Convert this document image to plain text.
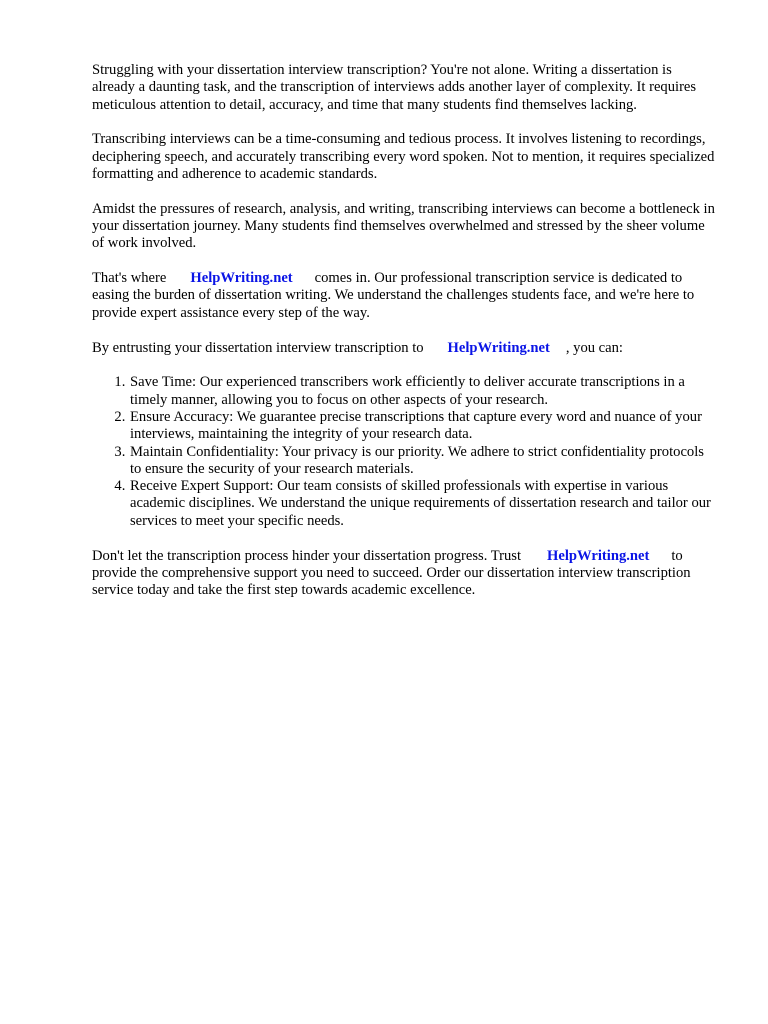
Struggling with your dissertation interview transcription? You're not alone. Writing a dissertation is already a daunting task, and the transcription of interviews adds another layer of complexity. It requires meticulous attention to detail, accuracy, and time that many students find themselves lacking.

Transcribing interviews can be a time-consuming and tedious process. It involves listening to recordings, deciphering speech, and accurately transcribing every word spoken. Not to mention, it requires specialized formatting and adherence to academic standards.

Amidst the pressures of research, analysis, and writing, transcribing interviews can become a bottleneck in your dissertation journey. Many students find themselves overwhelmed and stressed by the sheer volume of work involved.

That's where HelpWriting.net comes in. Our professional transcription service is dedicated to easing the burden of dissertation writing. We understand the challenges students face, and we're here to provide expert assistance every step of the way.

By entrusting your dissertation interview transcription to HelpWriting.net , you can:

1. Save Time: Our experienced transcribers work efficiently to deliver accurate transcriptions in a timely manner, allowing you to focus on other aspects of your research.
2. Ensure Accuracy: We guarantee precise transcriptions that capture every word and nuance of your interviews, maintaining the integrity of your research data.
3. Maintain Confidentiality: Your privacy is our priority. We adhere to strict confidentiality protocols to ensure the security of your research materials.
4. Receive Expert Support: Our team consists of skilled professionals with expertise in various academic disciplines. We understand the unique requirements of dissertation research and tailor our services to meet your specific needs.

Don't let the transcription process hinder your dissertation progress. Trust HelpWriting.net to provide the comprehensive support you need to succeed. Order our dissertation interview transcription service today and take the first step towards academic excellence.
